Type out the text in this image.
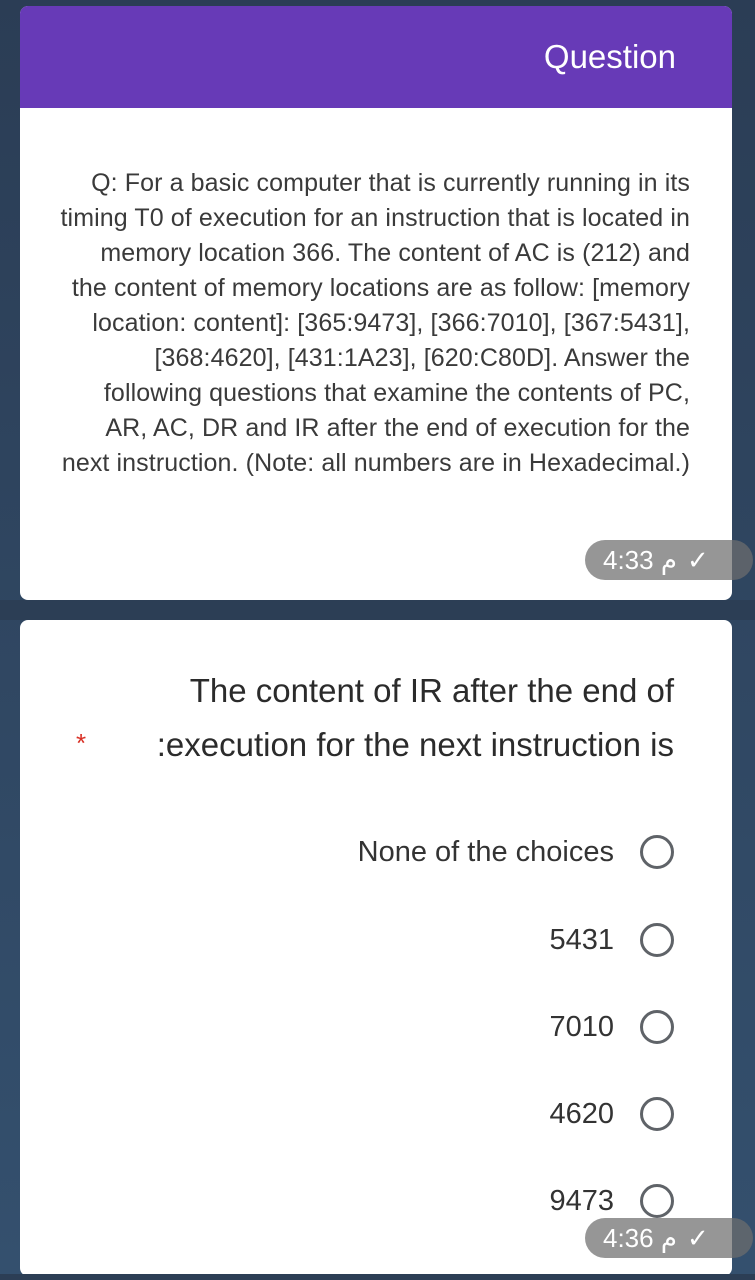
Question
Q: For a basic computer that is currently running in its timing T0 of execution for an instruction that is located in memory location 366. The content of AC is (212) and the content of memory locations are as follow: [memory location: content]: [365:9473], [366:7010], [367:5431], [368:4620], [431:1A23], [620:C80D]. Answer the following questions that examine the contents of PC, AR, AC, DR and IR after the end of execution for the next instruction. (Note: all numbers are in Hexadecimal.)
4:33 م ✓
The content of IR after the end of
* :execution for the next instruction is
None of the choices
5431
7010
4620
9473
4:36 م ✓
